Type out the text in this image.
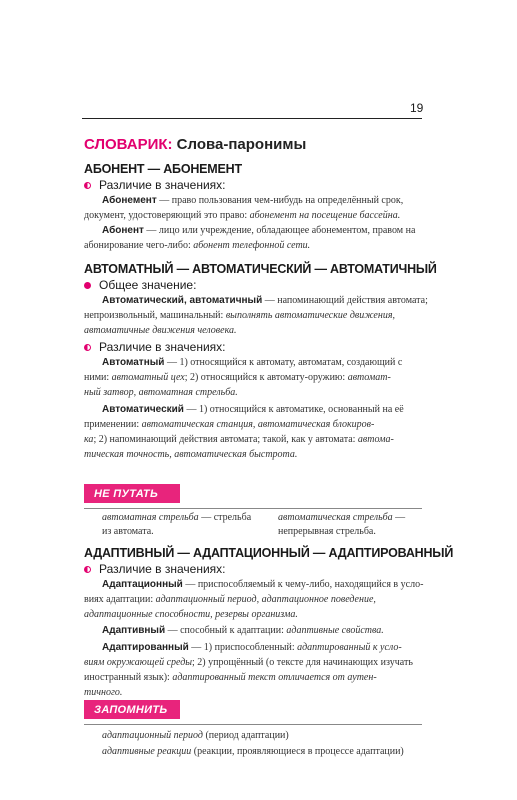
19
СЛОВАРИК: Слова-паронимы
АБОНЕНТ — АБОНЕМЕНТ
Различие в значениях:
Абонемент — право пользования чем-нибудь на определённый срок,
документ, удостоверяющий это право: абонемент на посещение бассейна.
Абонент — лицо или учреждение, обладающее абонементом, правом на
абонирование чего-либо: абонент телефонной сети.
АВТОМАТНЫЙ — АВТОМАТИЧЕСКИЙ — АВТОМАТИЧНЫЙ
Общее значение:
Автоматический, автоматичный — напоминающий действия автомата;
непроизвольный, машинальный: выполнять автоматические движения,
автоматичные движения человека.
Различие в значениях:
Автоматный — 1) относящийся к автомату, автоматам, создающий с
ними: автоматный цех; 2) относящийся к автомату-оружию: автомат-
ный затвор, автоматная стрельба.
Автоматический — 1) относящийся к автоматике, основанный на её
применении: автоматическая станция, автоматическая блокиров-
ка; 2) напоминающий действия автомата; такой, как у автомата: автома-
тическая точность, автоматическая быстрота.
НЕ ПУТАТЬ
автоматная стрельба — стрельба
из автомата.
автоматическая стрельба —
непрерывная стрельба.
АДАПТИВНЫЙ — АДАПТАЦИОННЫЙ — АДАПТИРОВАННЫЙ
Различие в значениях:
Адаптационный — приспособляемый к чему-либо, находящийся в усло-
виях адаптации: адаптационный период, адаптационное поведение,
адаптационные способности, резервы организма.
Адаптивный — способный к адаптации: адаптивные свойства.
Адаптированный — 1) приспособленный: адаптированный к усло-
виям окружающей среды; 2) упрощённый (о тексте для начинающих изучать
иностранный язык): адаптированный текст отличается от аутен-
тичного.
ЗАПОМНИТЬ
адаптационный период (период адаптации)
адаптивные реакции (реакции, проявляющиеся в процессе адаптации)
